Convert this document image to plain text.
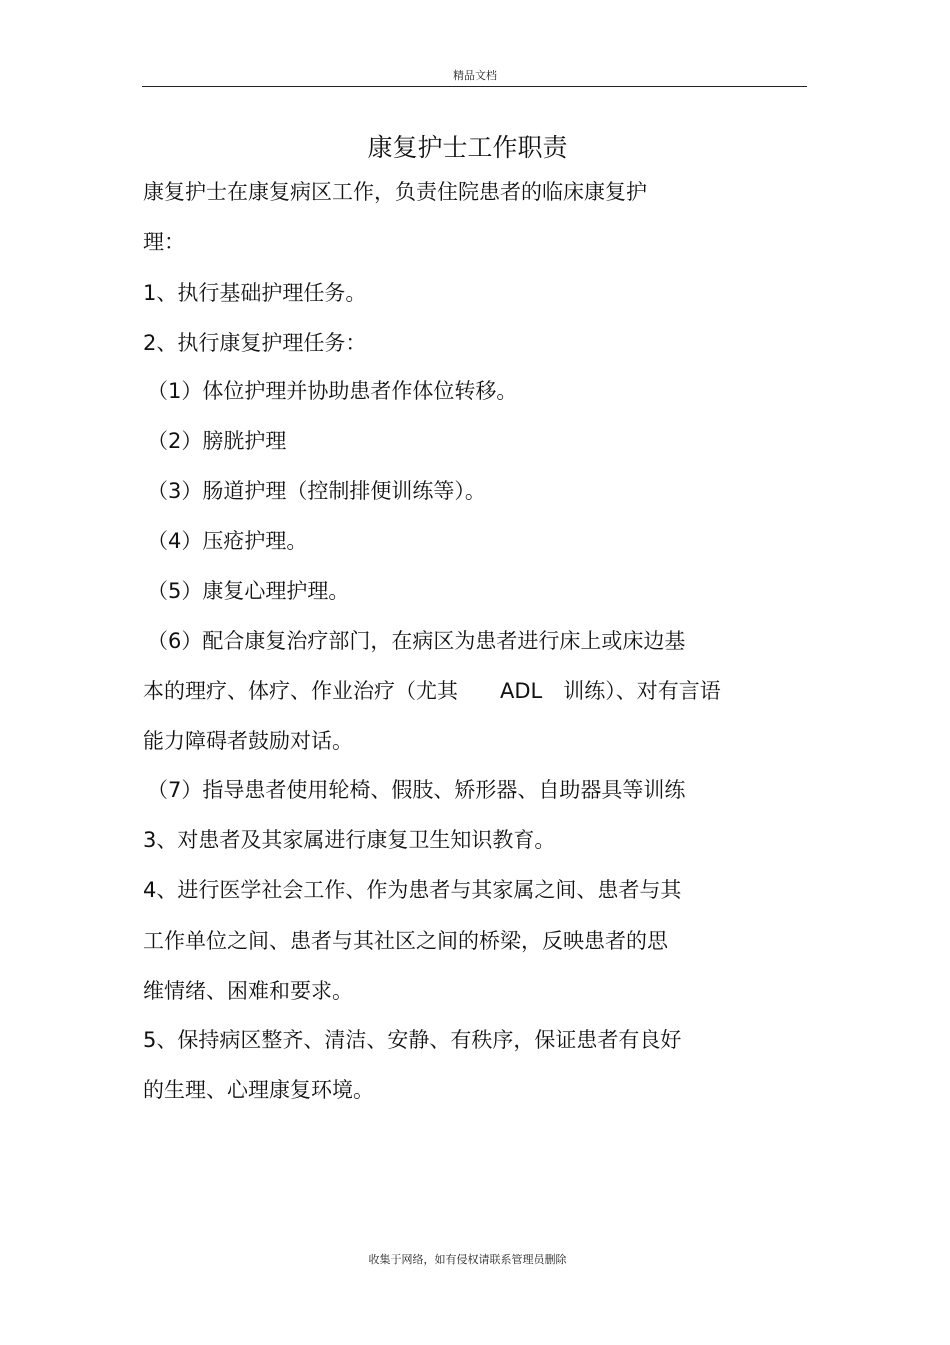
精品文档
康复护士工作职责
康复护士在康复病区工作，负责住院患者的临床康复护
理：
1、执行基础护理任务。
2、执行康复护理任务：
（1）体位护理并协助患者作体位转移。
（2）膀胱护理
（3）肠道护理（控制排便训练等）。
（4）压疮护理。
（5）康复心理护理。
（6）配合康复治疗部门，在病区为患者进行床上或床边基
本的理疗、体疗、作业治疗（尤其　　ADL　训练）、对有言语
能力障碍者鼓励对话。
（7）指导患者使用轮椅、假肢、矫形器、自助器具等训练
3、对患者及其家属进行康复卫生知识教育。
4、进行医学社会工作、作为患者与其家属之间、患者与其
工作单位之间、患者与其社区之间的桥梁，反映患者的思
维情绪、困难和要求。
5、保持病区整齐、清洁、安静、有秩序，保证患者有良好
的生理、心理康复环境。
收集于网络，如有侵权请联系管理员删除
